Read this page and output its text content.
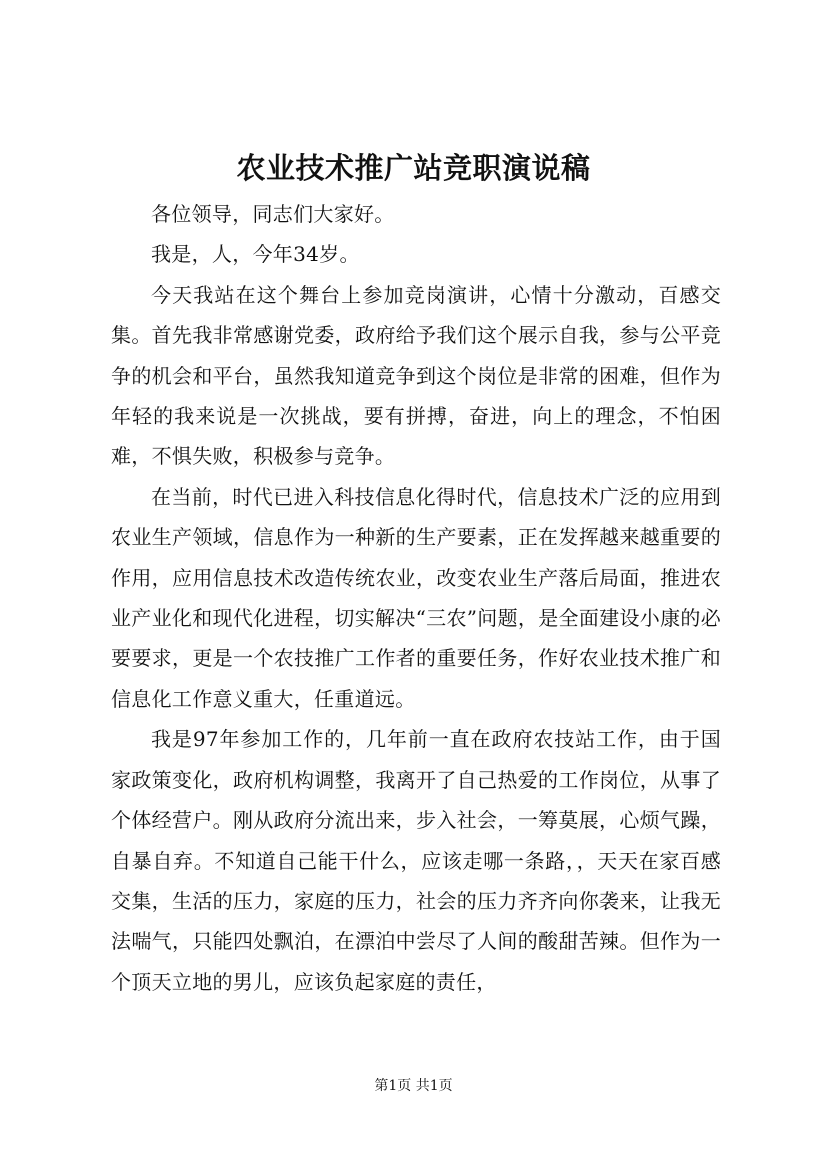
农业技术推广站竞职演说稿

各位领导，同志们大家好。

我是，人，今年34岁。

今天我站在这个舞台上参加竞岗演讲，心情十分激动，百感交集。首先我非常感谢党委，政府给予我们这个展示自我，参与公平竞争的机会和平台，虽然我知道竞争到这个岗位是非常的困难，但作为年轻的我来说是一次挑战，要有拼搏，奋进，向上的理念，不怕困难，不惧失败，积极参与竞争。

在当前，时代已进入科技信息化得时代，信息技术广泛的应用到农业生产领域，信息作为一种新的生产要素，正在发挥越来越重要的作用，应用信息技术改造传统农业，改变农业生产落后局面，推进农业产业化和现代化进程，切实解决“三农”问题，是全面建设小康的必要要求，更是一个农技推广工作者的重要任务，作好农业技术推广和信息化工作意义重大，任重道远。

我是97年参加工作的，几年前一直在政府农技站工作，由于国家政策变化，政府机构调整，我离开了自己热爱的工作岗位，从事了个体经营户。刚从政府分流出来，步入社会，一筹莫展，心烦气躁，自暴自弃。不知道自己能干什么，应该走哪一条路，，天天在家百感交集，生活的压力，家庭的压力，社会的压力齐齐向你袭来，让我无法喘气，只能四处飘泊，在漂泊中尝尽了人间的酸甜苦辣。但作为一个顶天立地的男儿，应该负起家庭的责任，

第1页 共1页
